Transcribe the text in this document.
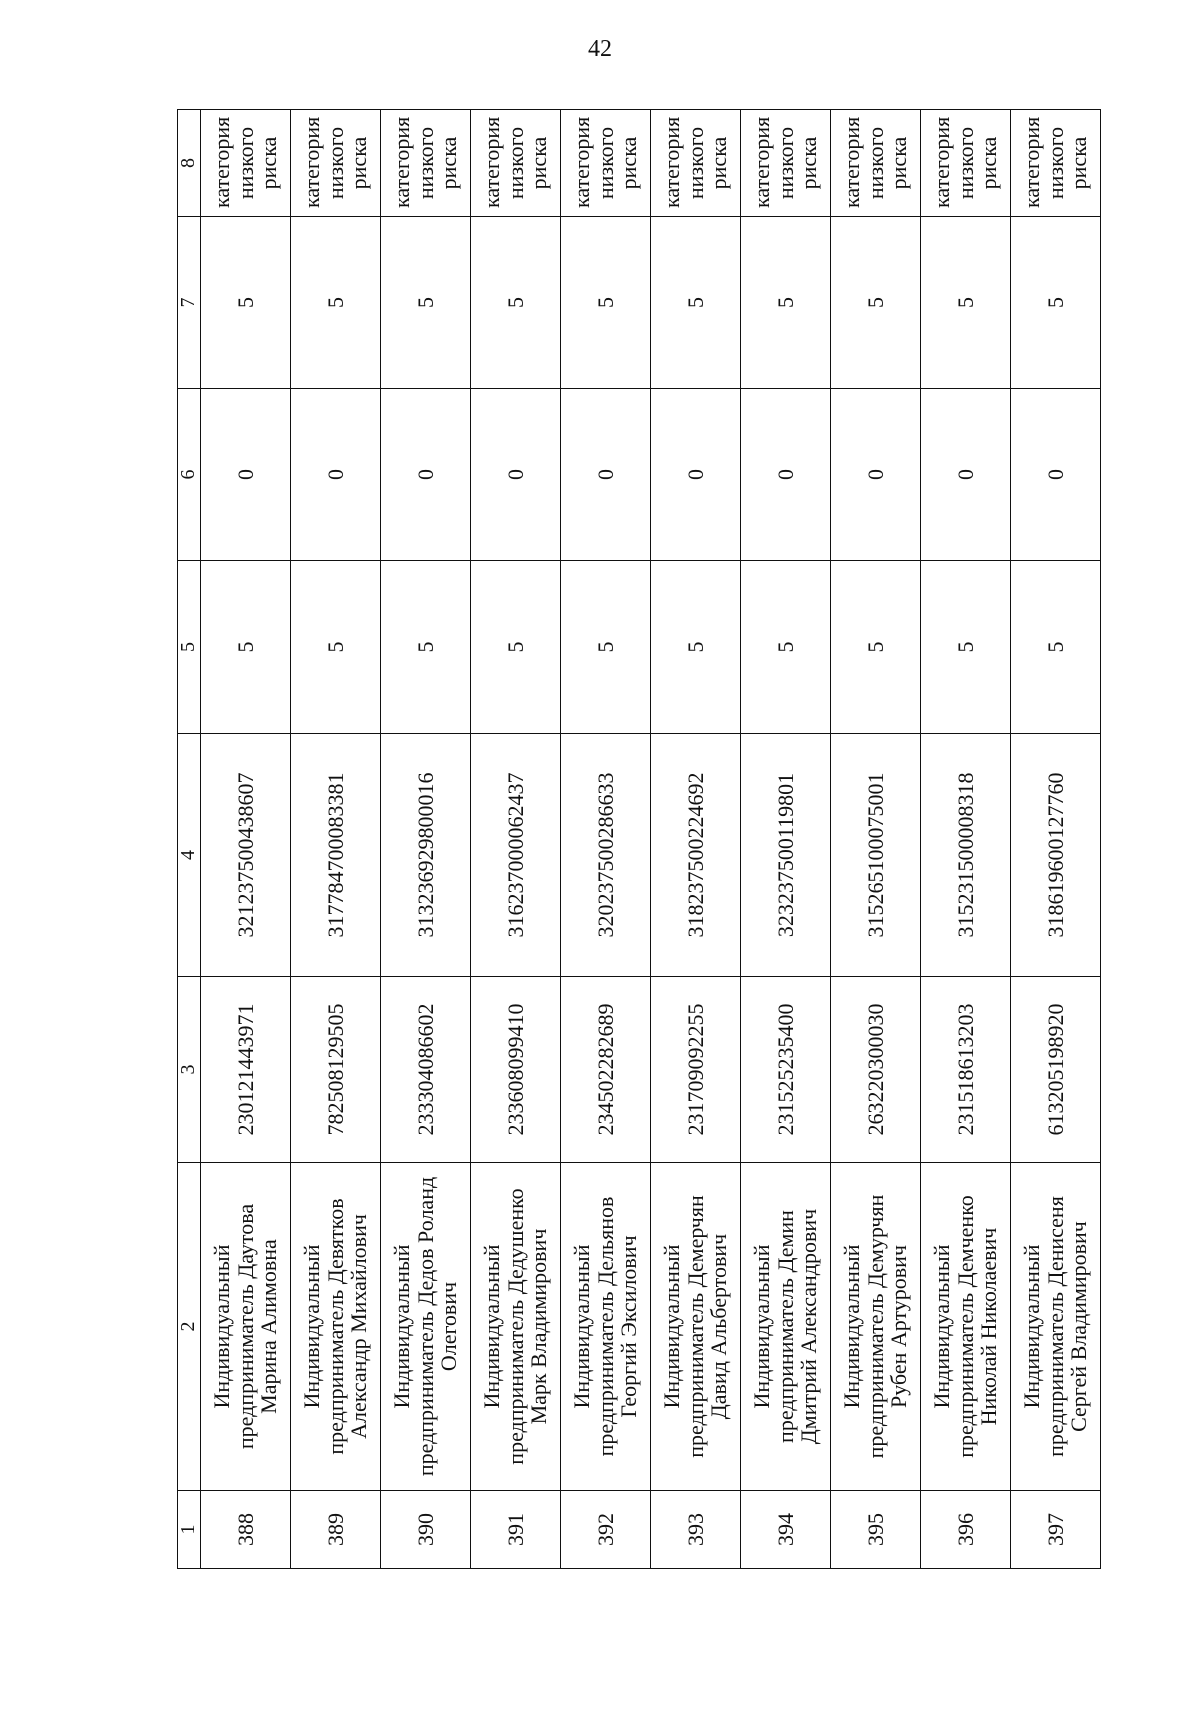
42
1	2	3	4	5	6	7	8
388	Индивидуальный предприниматель Даутова Марина Алимовна	230121443971	321237500438607	5	0	5	категория низкого риска
389	Индивидуальный предприниматель Девятков Александр Михайлович	782508129505	317784700083381	5	0	5	категория низкого риска
390	Индивидуальный предприниматель Дедов Роланд Олегович	233304086602	313236929800016	5	0	5	категория низкого риска
391	Индивидуальный предприниматель Дедушенко Марк Владимирович	233608099410	316237000062437	5	0	5	категория низкого риска
392	Индивидуальный предприниматель Дельянов Георгий Эксилович	234502282689	320237500286633	5	0	5	категория низкого риска
393	Индивидуальный предприниматель Демерчян Давид Альбертович	231709092255	318237500224692	5	0	5	категория низкого риска
394	Индивидуальный предприниматель Демин Дмитрий Александрович	231525235400	323237500119801	5	0	5	категория низкого риска
395	Индивидуальный предприниматель Демурчян Рубен Артурович	263220300030	315265100075001	5	0	5	категория низкого риска
396	Индивидуальный предприниматель Демченко Николай Николаевич	231518613203	315231500008318	5	0	5	категория низкого риска
397	Индивидуальный предприниматель Денисеня Сергей Владимирович	613205198920	318619600127760	5	0	5	категория низкого риска
